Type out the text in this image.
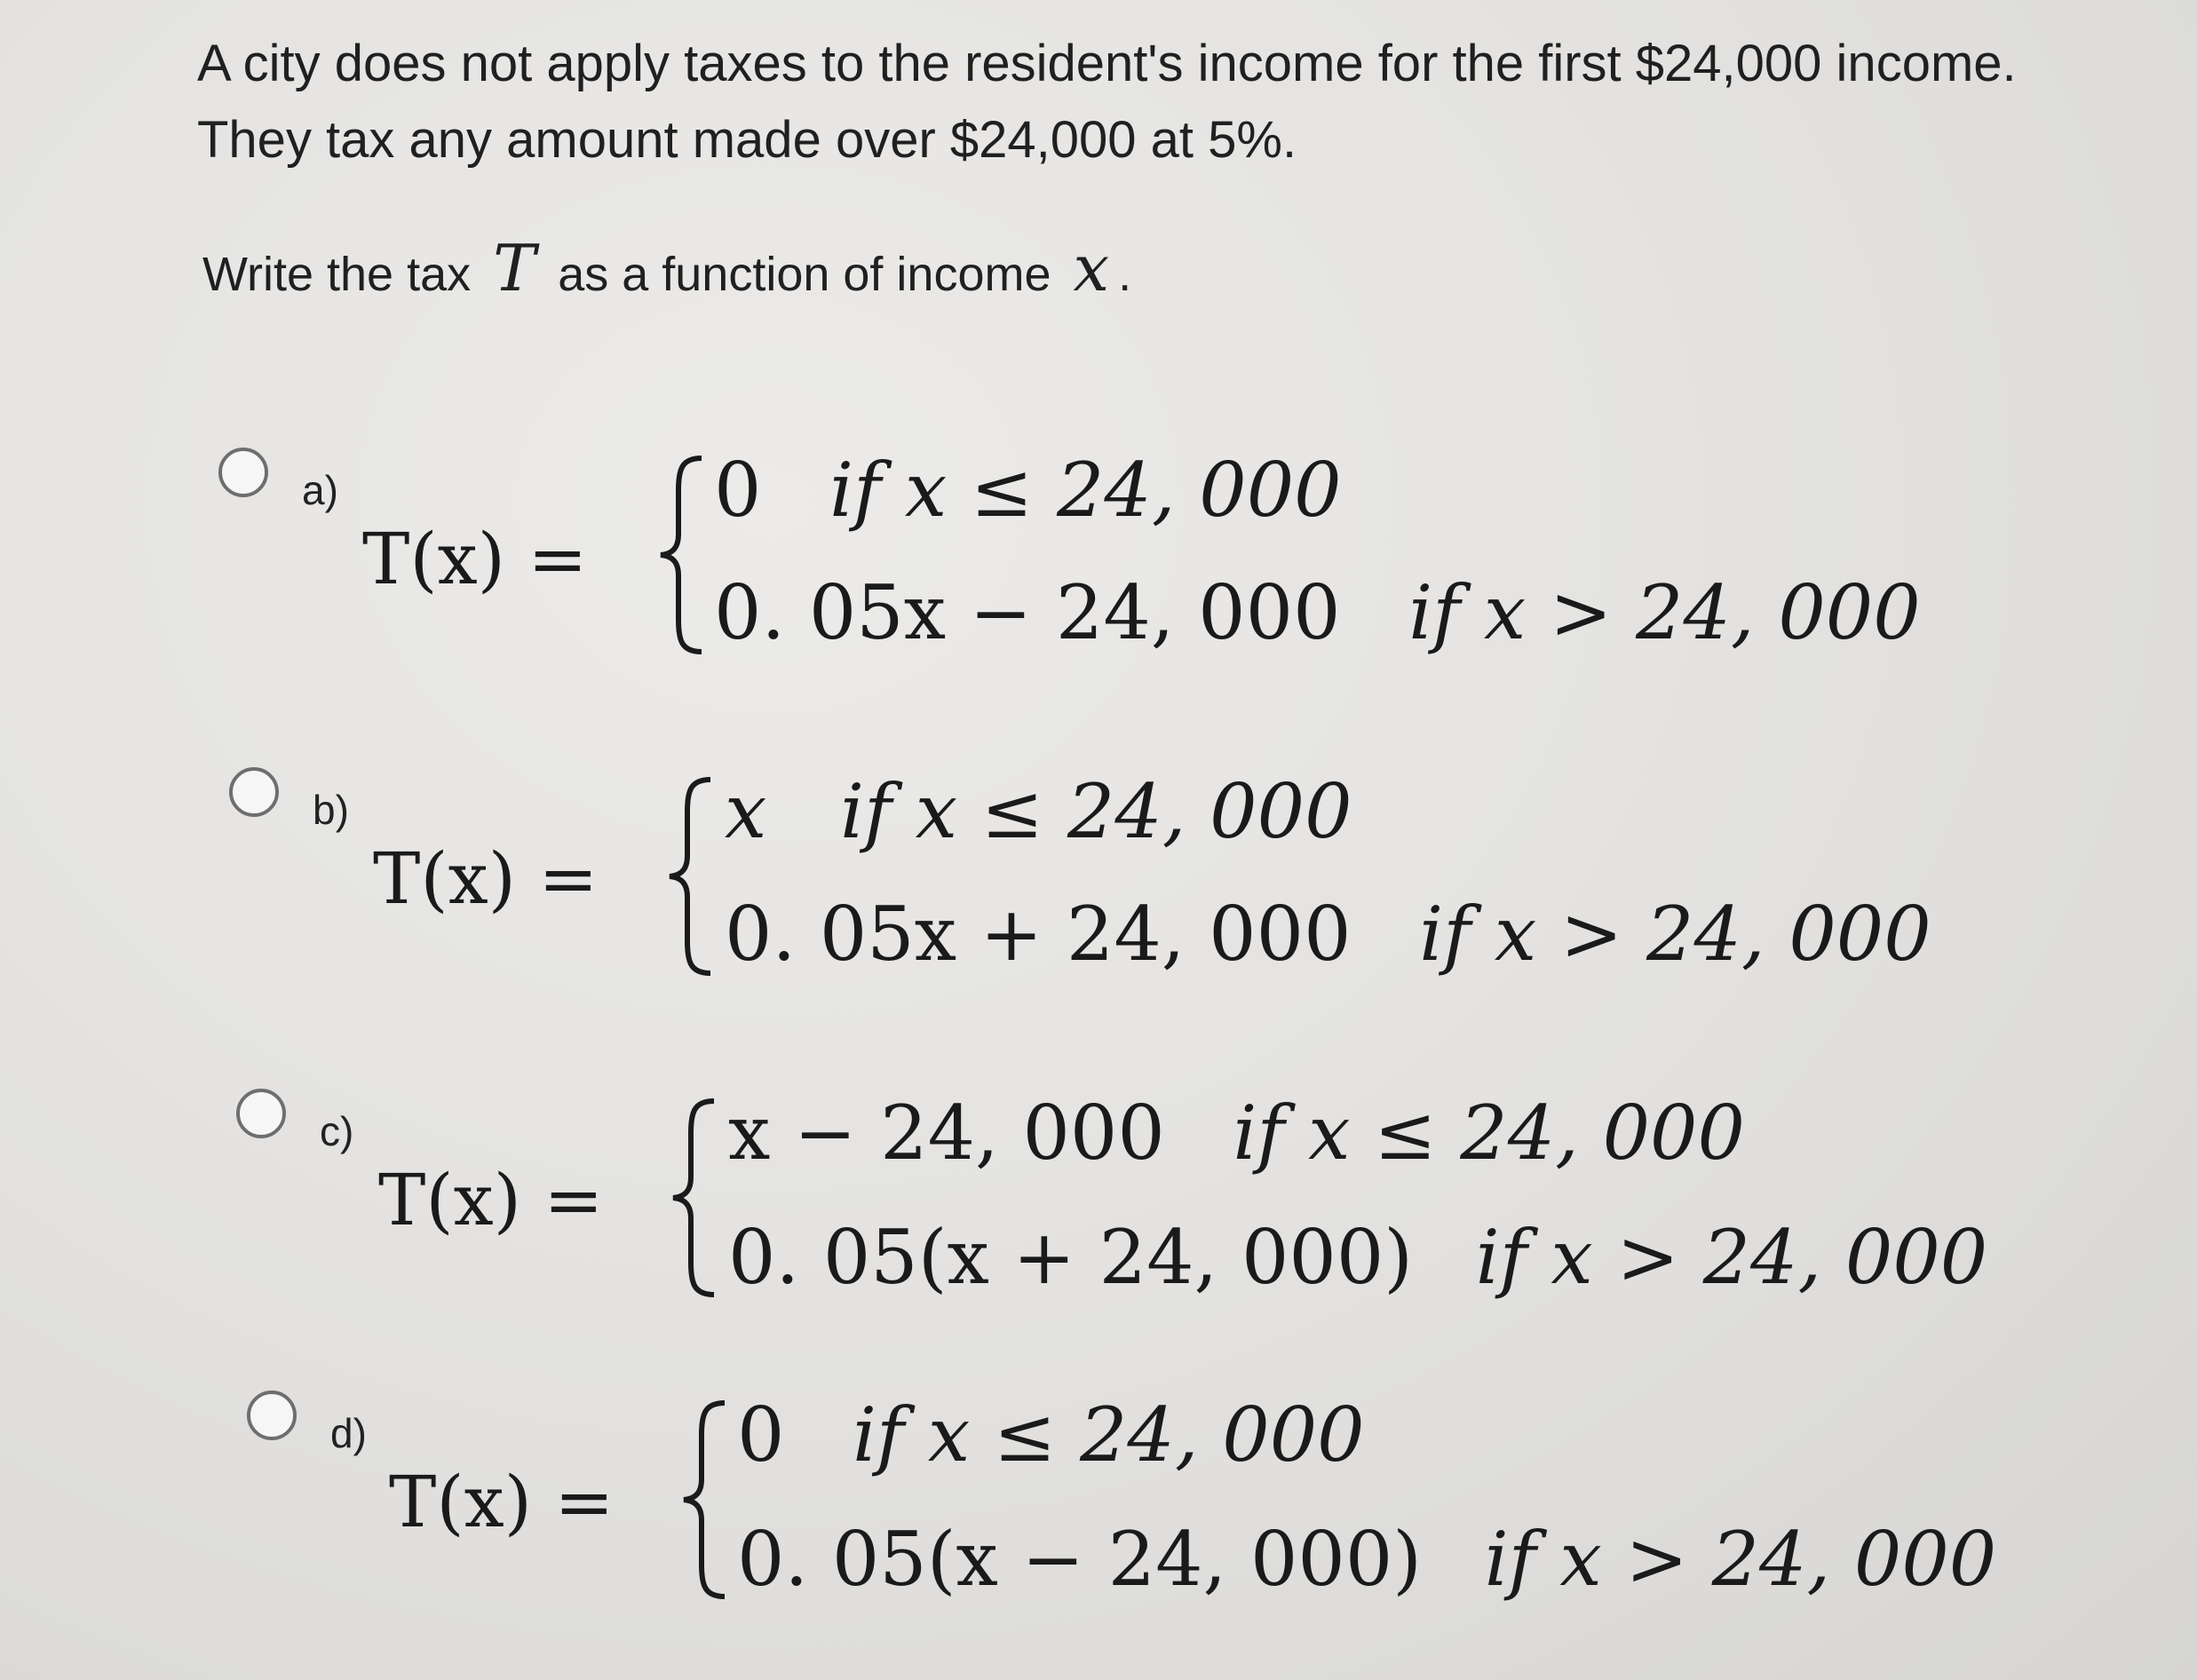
A city does not apply taxes to the resident's income for the first $24,000 income.
They tax any amount made over $24,000 at 5%.
Write the tax T as a function of income x .
a)
T(x) =
0 if x ≤ 24, 000
0. 05x − 24, 000 if x > 24, 000
b)
T(x) =
x if x ≤ 24, 000
0. 05x + 24, 000 if x > 24, 000
c)
T(x) =
x − 24, 000 if x ≤ 24, 000
0. 05(x + 24, 000) if x > 24, 000
d)
T(x) =
0 if x ≤ 24, 000
0. 05(x − 24, 000) if x > 24, 000
